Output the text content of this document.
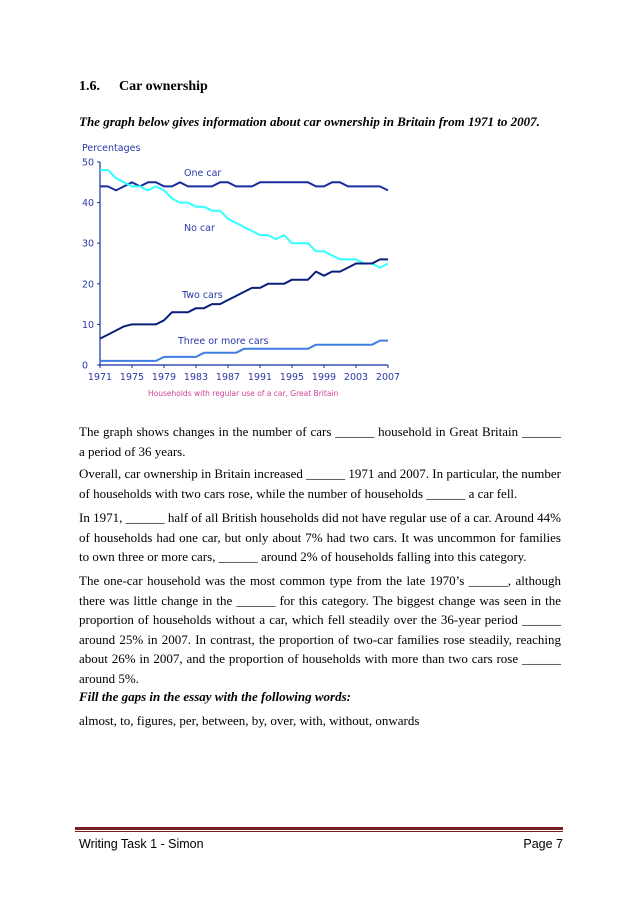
1.6. Car ownership
The graph below gives information about car ownership in Britain from 1971 to 2007.
Percentages
0
10
20
30
40
50
1971 1975 1979 1983 1987 1991 1995 1999 2003 2007
One car
No car
Two cars
Three or more cars
Households with regular use of a car, Great Britain

The graph shows changes in the number of cars ______ household in Great Britain ______ a period of 36 years.

Overall, car ownership in Britain increased ______ 1971 and 2007. In particular, the number of households with two cars rose, while the number of households ______ a car fell.

In 1971, ______ half of all British households did not have regular use of a car. Around 44% of households had one car, but only about 7% had two cars. It was uncommon for families to own three or more cars, ______ around 2% of households falling into this category.

The one-car household was the most common type from the late 1970’s ______, although there was little change in the ______ for this category. The biggest change was seen in the proportion of households without a car, which fell steadily over the 36-year period ______ around 25% in 2007. In contrast, the proportion of two-car families rose steadily, reaching about 26% in 2007, and the proportion of households with more than two cars rose ______ around 5%.

Fill the gaps in the essay with the following words:
almost, to, figures, per, between, by, over, with, without, onwards
Writing Task 1 - Simon	Page 7
